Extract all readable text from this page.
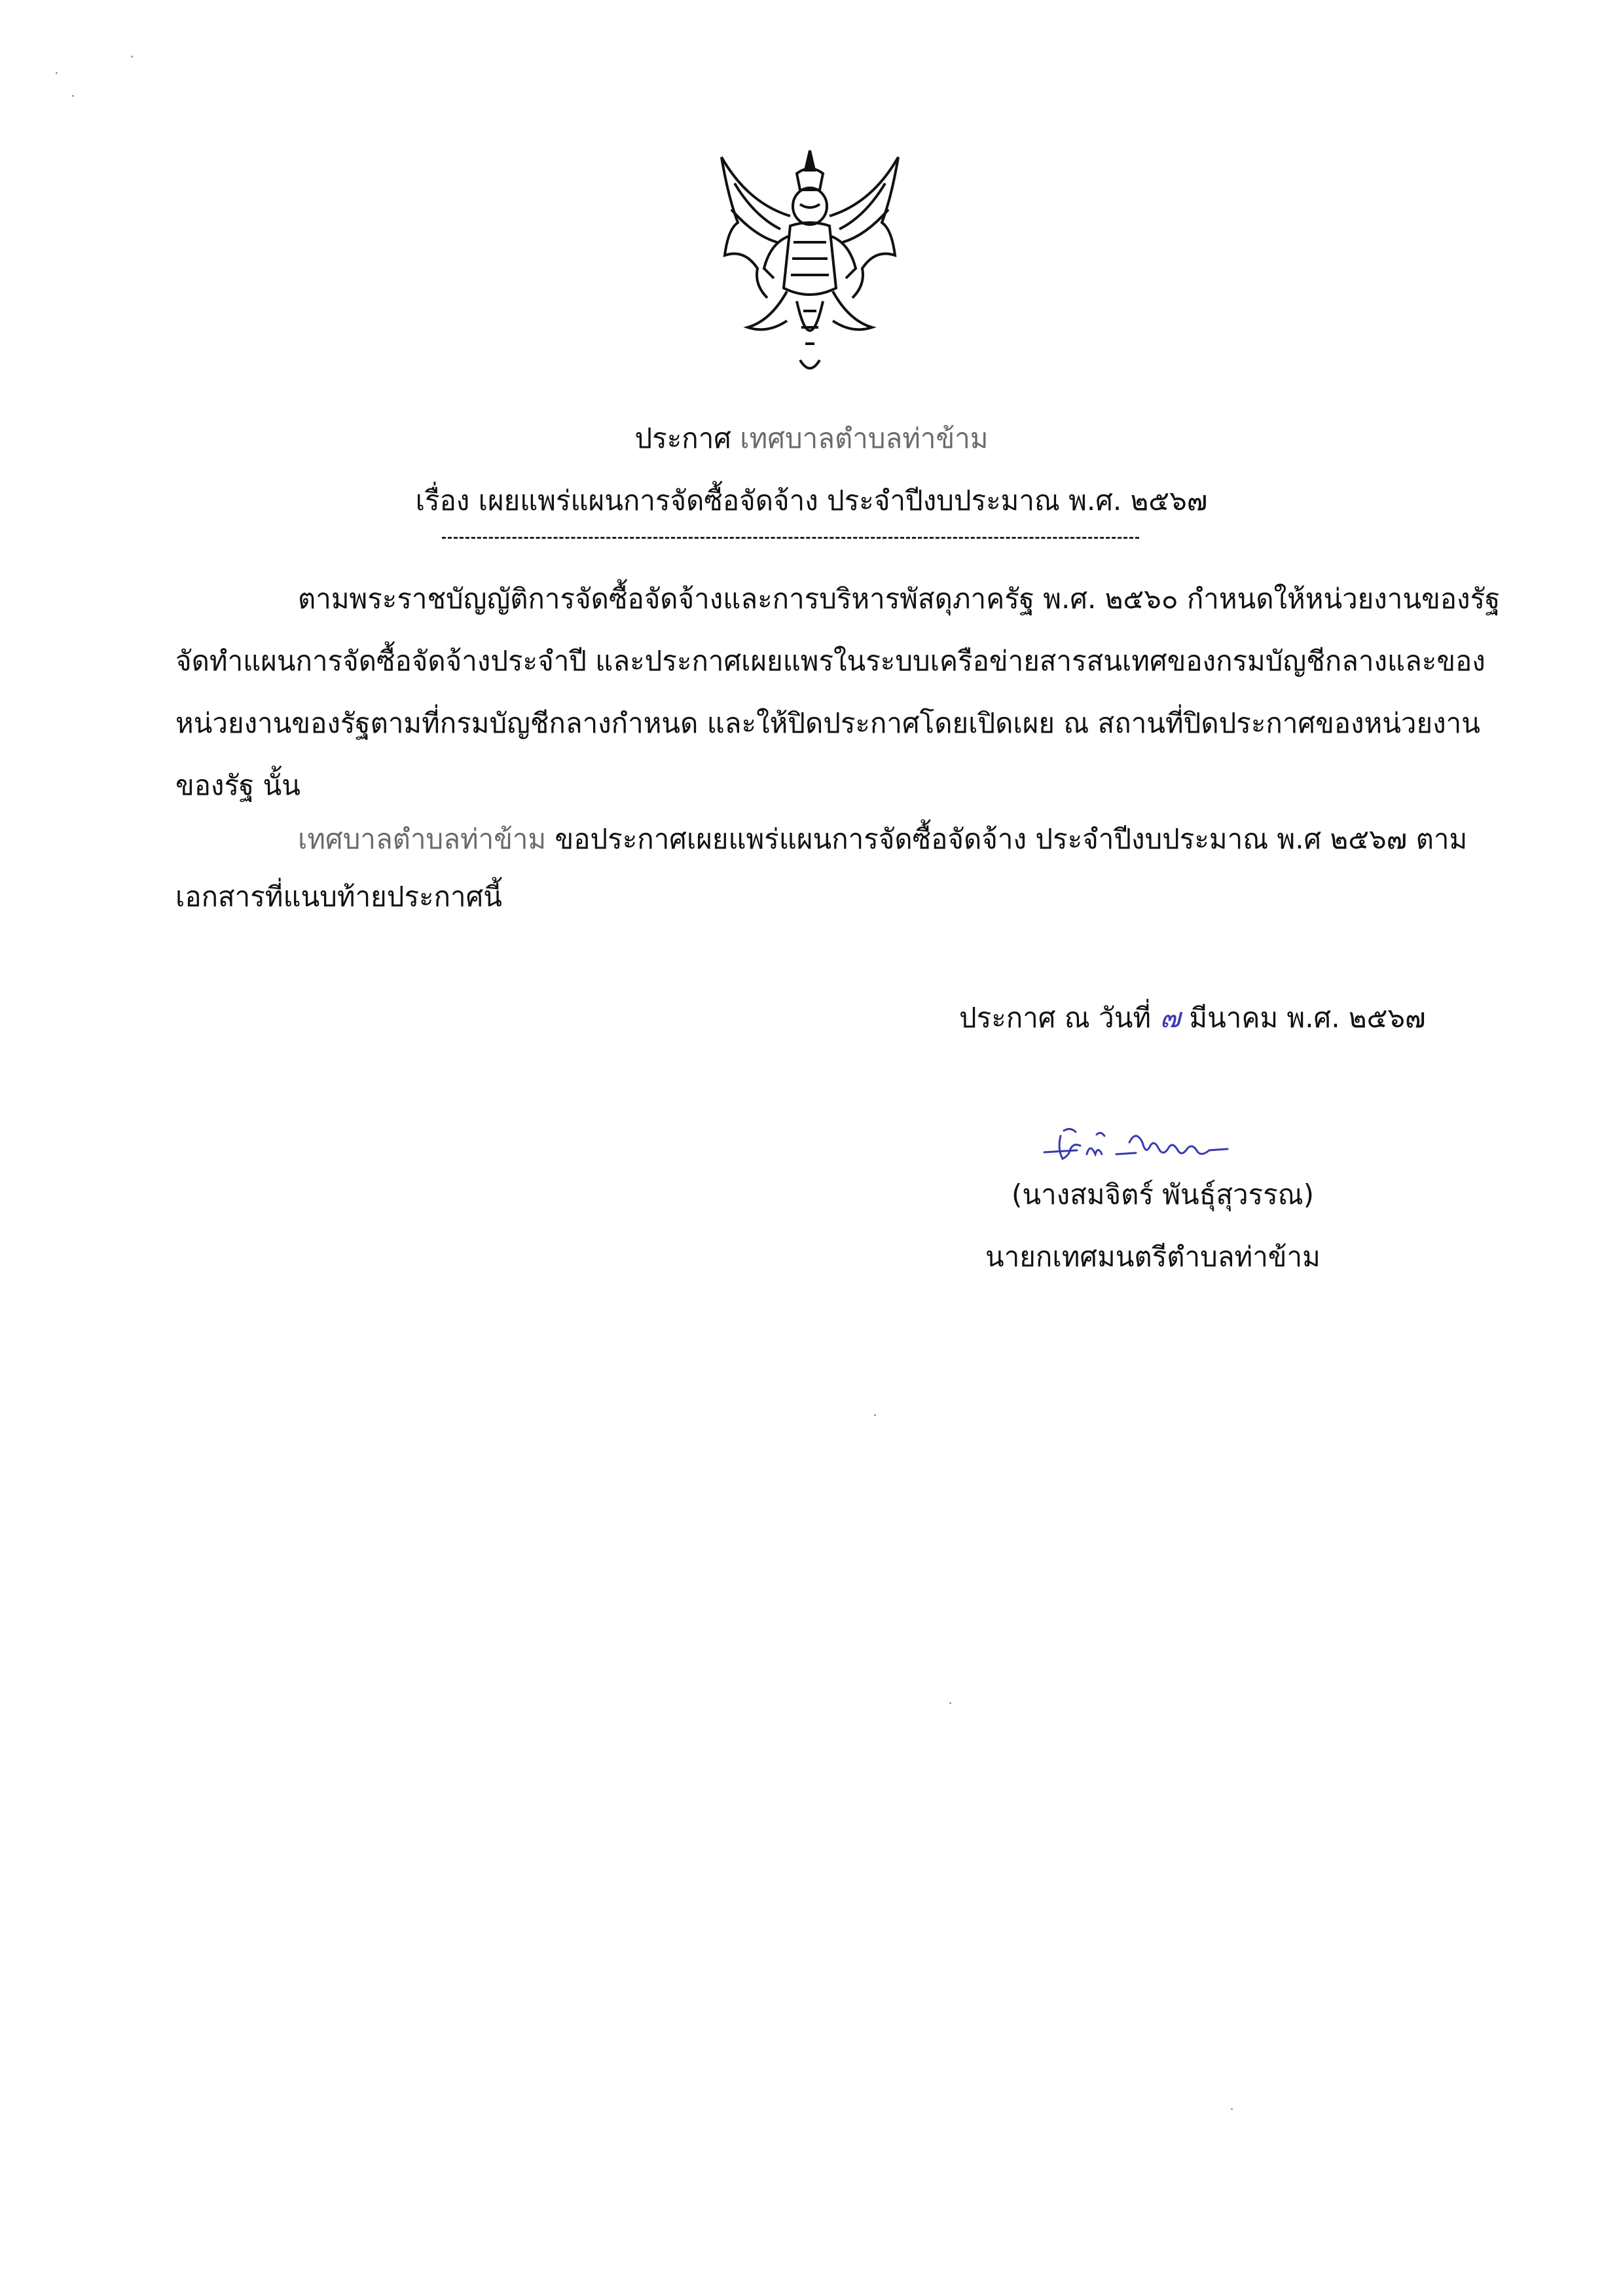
ประกาศ เทศบาลตำบลท่าข้าม
เรื่อง เผยแพร่แผนการจัดซื้อจัดจ้าง ประจำปีงบประมาณ พ.ศ. ๒๕๖๗
ตามพระราชบัญญัติการจัดซื้อจัดจ้างและการบริหารพัสดุภาครัฐ พ.ศ. ๒๕๖๐ กำหนดให้หน่วยงานของรัฐ
จัดทำแผนการจัดซื้อจัดจ้างประจำปี และประกาศเผยแพรในระบบเครือข่ายสารสนเทศของกรมบัญชีกลางและของ
หน่วยงานของรัฐตามที่กรมบัญชีกลางกำหนด และให้ปิดประกาศโดยเปิดเผย ณ สถานที่ปิดประกาศของหน่วยงาน
ของรัฐ นั้น
เทศบาลตำบลท่าข้าม ขอประกาศเผยแพร่แผนการจัดซื้อจัดจ้าง ประจำปีงบประมาณ พ.ศ ๒๕๖๗ ตาม
เอกสารที่แนบท้ายประกาศนี้
ประกาศ ณ วันที่ ๗ มีนาคม พ.ศ. ๒๕๖๗
(นางสมจิตร์ พันธุ์สุวรรณ)
นายกเทศมนตรีตำบลท่าข้าม
